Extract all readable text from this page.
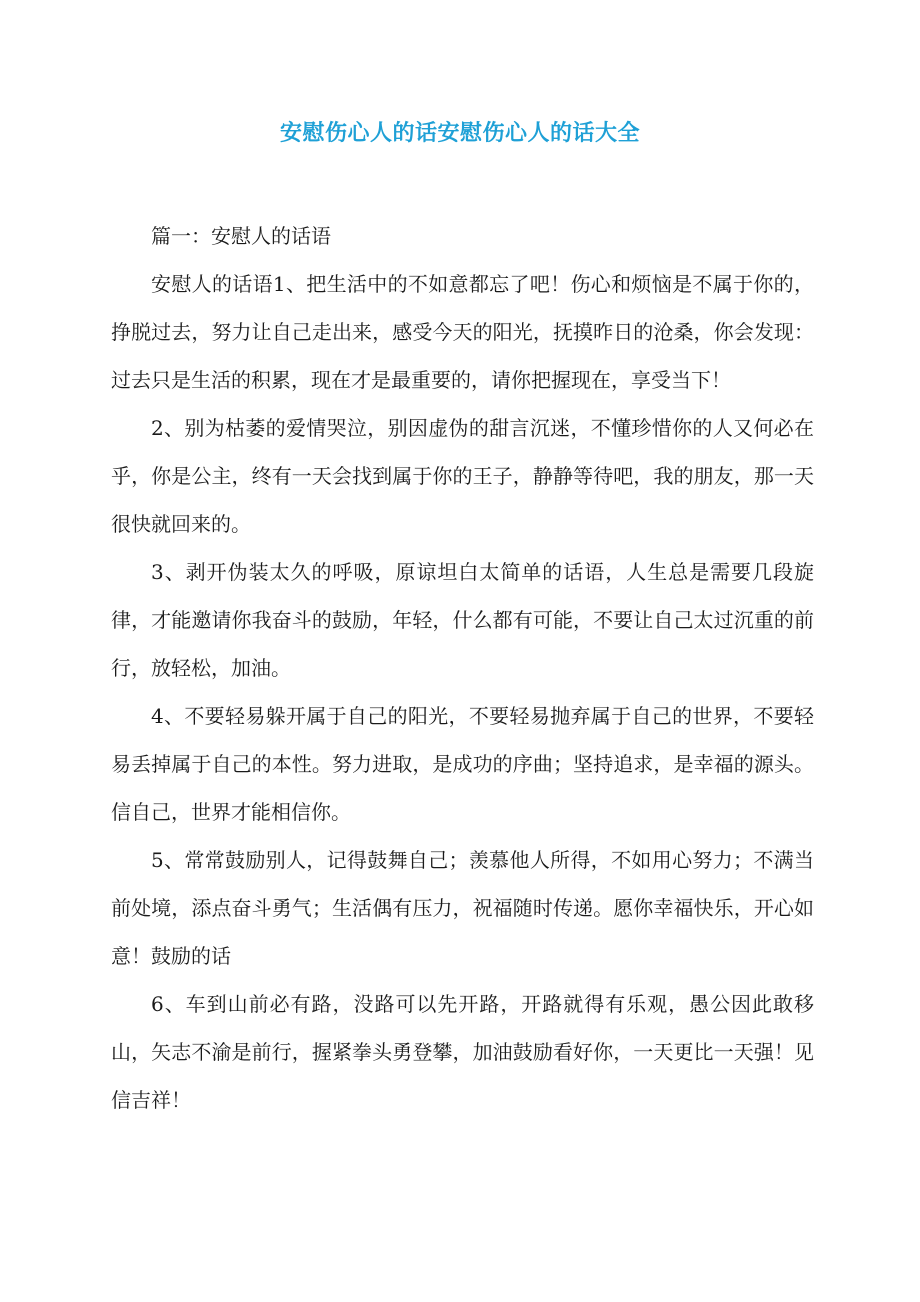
安慰伤心人的话安慰伤心人的话大全

篇一：安慰人的话语

安慰人的话语1、把生活中的不如意都忘了吧！伤心和烦恼是不属于你的，挣脱过去，努力让自己走出来，感受今天的阳光，抚摸昨日的沧桑，你会发现：过去只是生活的积累，现在才是最重要的，请你把握现在，享受当下！

2、别为枯萎的爱情哭泣，别因虚伪的甜言沉迷，不懂珍惜你的人又何必在乎，你是公主，终有一天会找到属于你的王子，静静等待吧，我的朋友，那一天很快就回来的。

3、剥开伪装太久的呼吸，原谅坦白太简单的话语，人生总是需要几段旋律，才能邀请你我奋斗的鼓励，年轻，什么都有可能，不要让自己太过沉重的前行，放轻松，加油。

4、不要轻易躲开属于自己的阳光，不要轻易抛弃属于自己的世界，不要轻易丢掉属于自己的本性。努力进取，是成功的序曲；坚持追求，是幸福的源头。信自己，世界才能相信你。

5、常常鼓励别人，记得鼓舞自己；羡慕他人所得，不如用心努力；不满当前处境，添点奋斗勇气；生活偶有压力，祝福随时传递。愿你幸福快乐，开心如意！鼓励的话

6、车到山前必有路，没路可以先开路，开路就得有乐观，愚公因此敢移山，矢志不渝是前行，握紧拳头勇登攀，加油鼓励看好你，一天更比一天强！见信吉祥！
